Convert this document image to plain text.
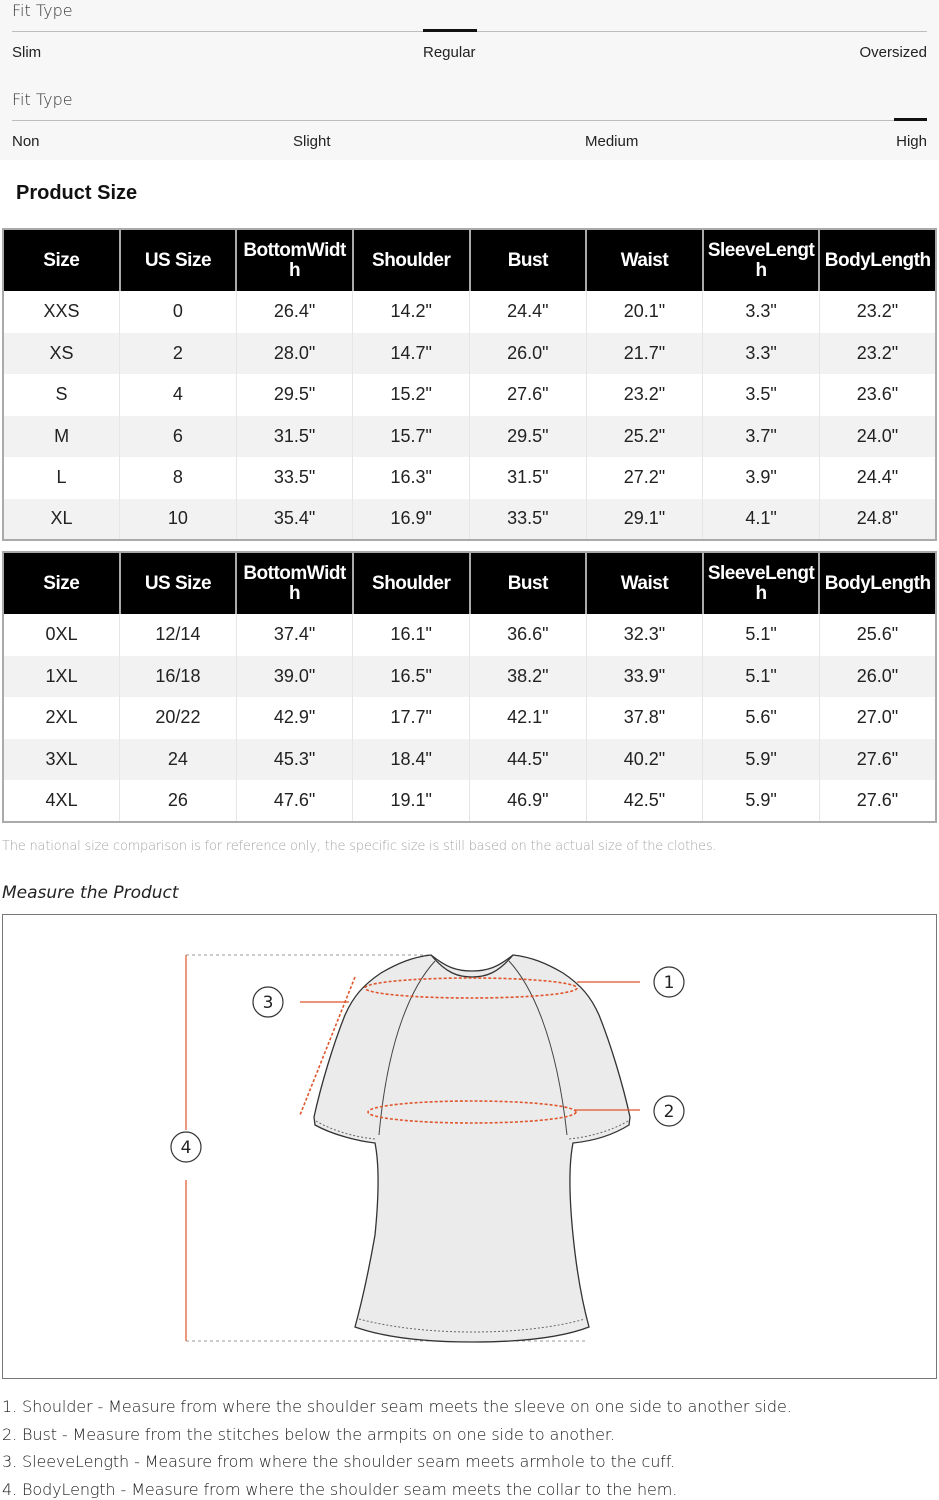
Fit Type
Slim	Regular	Oversized
Fit Type
Non	Slight	Medium	High
Product Size
Size	US Size	BottomWidth	Shoulder	Bust	Waist	SleeveLength	BodyLength
XXS	0	26.4"	14.2"	24.4"	20.1"	3.3"	23.2"
XS	2	28.0"	14.7"	26.0"	21.7"	3.3"	23.2"
S	4	29.5"	15.2"	27.6"	23.2"	3.5"	23.6"
M	6	31.5"	15.7"	29.5"	25.2"	3.7"	24.0"
L	8	33.5"	16.3"	31.5"	27.2"	3.9"	24.4"
XL	10	35.4"	16.9"	33.5"	29.1"	4.1"	24.8"
Size	US Size	BottomWidth	Shoulder	Bust	Waist	SleeveLength	BodyLength
0XL	12/14	37.4"	16.1"	36.6"	32.3"	5.1"	25.6"
1XL	16/18	39.0"	16.5"	38.2"	33.9"	5.1"	26.0"
2XL	20/22	42.9"	17.7"	42.1"	37.8"	5.6"	27.0"
3XL	24	45.3"	18.4"	44.5"	40.2"	5.9"	27.6"
4XL	26	47.6"	19.1"	46.9"	42.5"	5.9"	27.6"
The national size comparison is for reference only, the specific size is still based on the actual size of the clothes.
Measure the Product
1
2
3
4
1. Shoulder - Measure from where the shoulder seam meets the sleeve on one side to another side.
2. Bust - Measure from the stitches below the armpits on one side to another.
3. SleeveLength - Measure from where the shoulder seam meets armhole to the cuff.
4. BodyLength - Measure from where the shoulder seam meets the collar to the hem.
